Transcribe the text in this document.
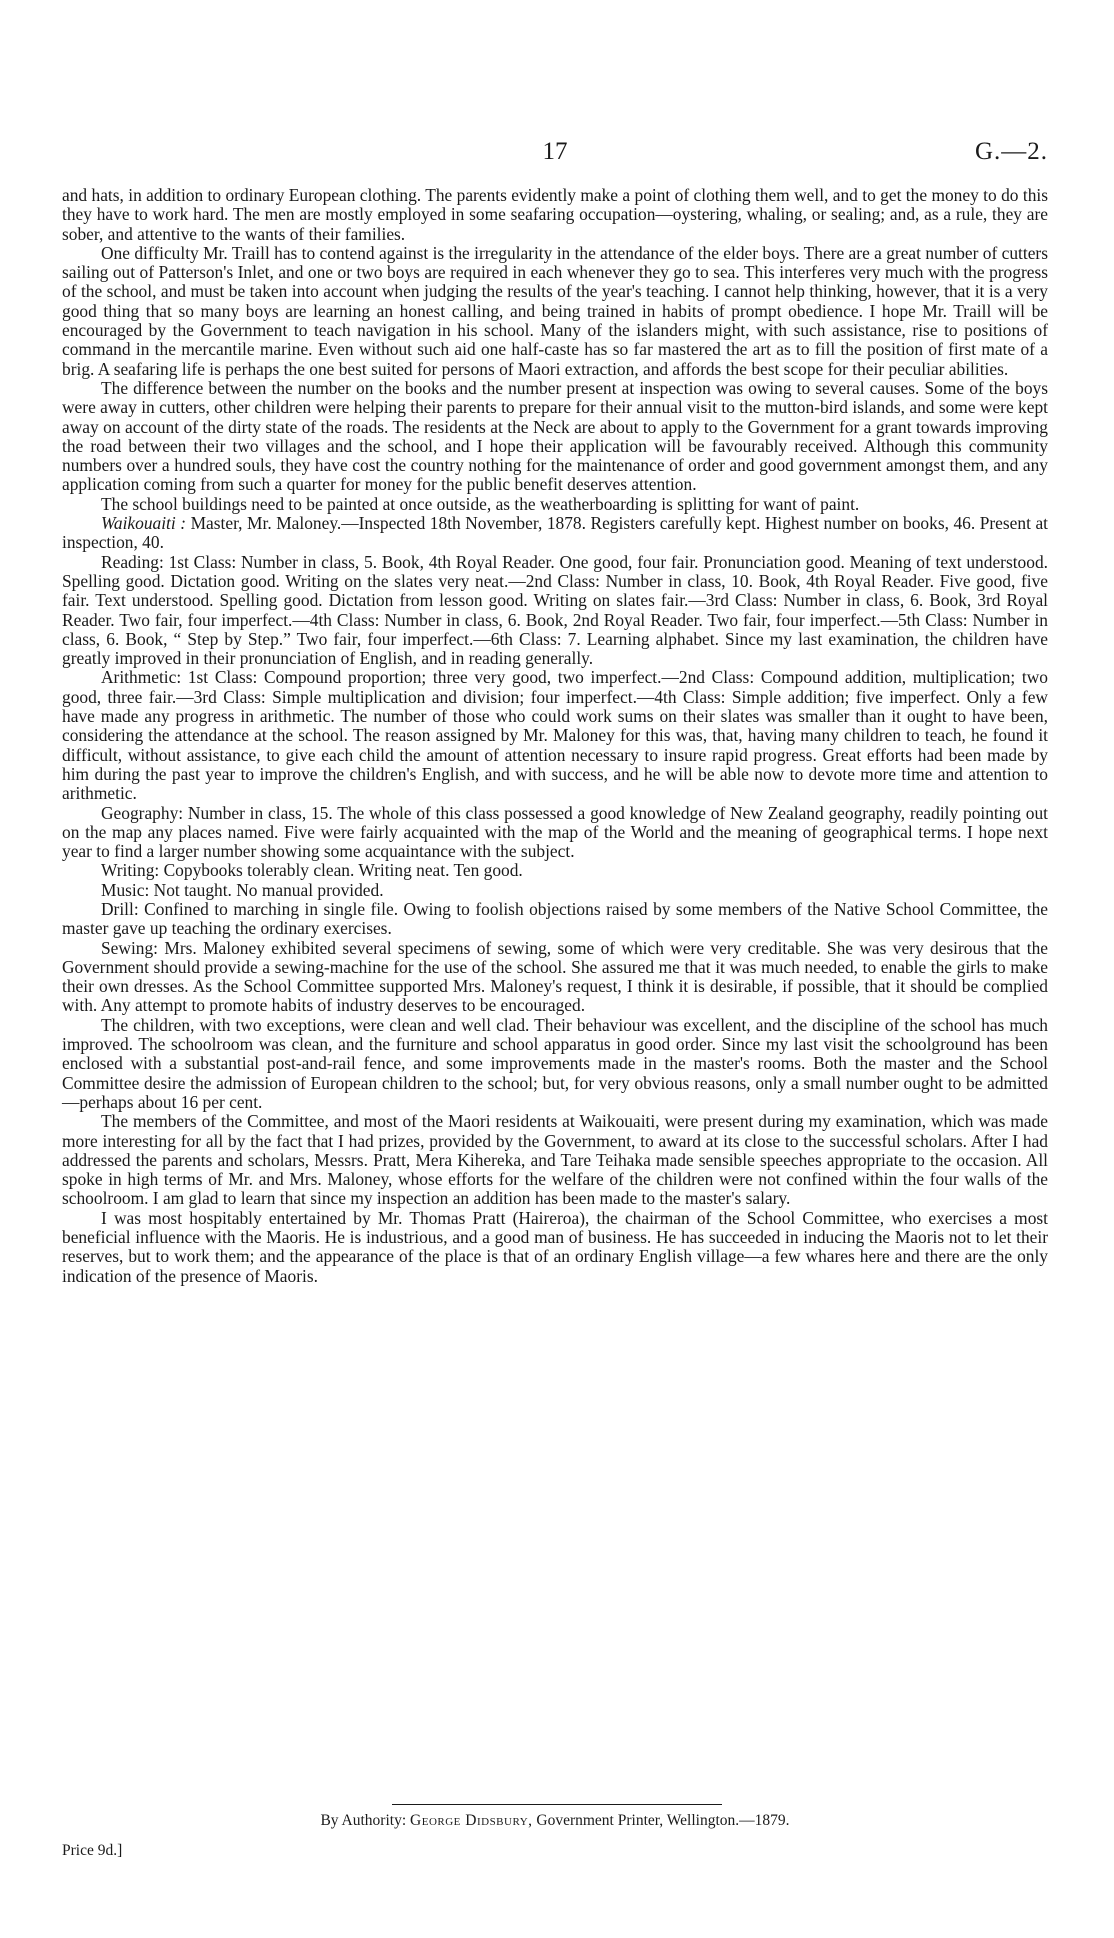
17	G.—2.

and hats, in addition to ordinary European clothing. The parents evidently make a point of clothing them well, and to get the money to do this they have to work hard. The men are mostly employed in some seafaring occupation—oystering, whaling, or sealing; and, as a rule, they are sober, and attentive to the wants of their families.

One difficulty Mr. Traill has to contend against is the irregularity in the attendance of the elder boys. There are a great number of cutters sailing out of Patterson's Inlet, and one or two boys are required in each whenever they go to sea. This interferes very much with the progress of the school, and must be taken into account when judging the results of the year's teaching. I cannot help thinking, however, that it is a very good thing that so many boys are learning an honest calling, and being trained in habits of prompt obedience. I hope Mr. Traill will be encouraged by the Government to teach navigation in his school. Many of the islanders might, with such assistance, rise to positions of command in the mercantile marine. Even without such aid one half-caste has so far mastered the art as to fill the position of first mate of a brig. A seafaring life is perhaps the one best suited for persons of Maori extraction, and affords the best scope for their peculiar abilities.

The difference between the number on the books and the number present at inspection was owing to several causes. Some of the boys were away in cutters, other children were helping their parents to prepare for their annual visit to the mutton-bird islands, and some were kept away on account of the dirty state of the roads. The residents at the Neck are about to apply to the Government for a grant towards improving the road between their two villages and the school, and I hope their application will be favourably received. Although this community numbers over a hundred souls, they have cost the country nothing for the maintenance of order and good government amongst them, and any application coming from such a quarter for money for the public benefit deserves attention.

The school buildings need to be painted at once outside, as the weatherboarding is splitting for want of paint.

Waikouaiti : Master, Mr. Maloney.—Inspected 18th November, 1878. Registers carefully kept. Highest number on books, 46. Present at inspection, 40.

Reading: 1st Class: Number in class, 5. Book, 4th Royal Reader. One good, four fair. Pronunciation good. Meaning of text understood. Spelling good. Dictation good. Writing on the slates very neat.—2nd Class: Number in class, 10. Book, 4th Royal Reader. Five good, five fair. Text understood. Spelling good. Dictation from lesson good. Writing on slates fair.—3rd Class: Number in class, 6. Book, 3rd Royal Reader. Two fair, four imperfect.—4th Class: Number in class, 6. Book, 2nd Royal Reader. Two fair, four imperfect.—5th Class: Number in class, 6. Book, “ Step by Step.” Two fair, four imperfect.—6th Class: 7. Learning alphabet. Since my last examination, the children have greatly improved in their pronunciation of English, and in reading generally.

Arithmetic: 1st Class: Compound proportion; three very good, two imperfect.—2nd Class: Compound addition, multiplication; two good, three fair.—3rd Class: Simple multiplication and division; four imperfect.—4th Class: Simple addition; five imperfect. Only a few have made any progress in arithmetic. The number of those who could work sums on their slates was smaller than it ought to have been, considering the attendance at the school. The reason assigned by Mr. Maloney for this was, that, having many children to teach, he found it difficult, without assistance, to give each child the amount of attention necessary to insure rapid progress. Great efforts had been made by him during the past year to improve the children's English, and with success, and he will be able now to devote more time and attention to arithmetic.

Geography: Number in class, 15. The whole of this class possessed a good knowledge of New Zealand geography, readily pointing out on the map any places named. Five were fairly acquainted with the map of the World and the meaning of geographical terms. I hope next year to find a larger number showing some acquaintance with the subject.

Writing: Copybooks tolerably clean. Writing neat. Ten good.

Music: Not taught. No manual provided.

Drill: Confined to marching in single file. Owing to foolish objections raised by some members of the Native School Committee, the master gave up teaching the ordinary exercises.

Sewing: Mrs. Maloney exhibited several specimens of sewing, some of which were very creditable. She was very desirous that the Government should provide a sewing-machine for the use of the school. She assured me that it was much needed, to enable the girls to make their own dresses. As the School Committee supported Mrs. Maloney's request, I think it is desirable, if possible, that it should be complied with. Any attempt to promote habits of industry deserves to be encouraged.

The children, with two exceptions, were clean and well clad. Their behaviour was excellent, and the discipline of the school has much improved. The schoolroom was clean, and the furniture and school apparatus in good order. Since my last visit the schoolground has been enclosed with a substantial post-and-rail fence, and some improvements made in the master's rooms. Both the master and the School Committee desire the admission of European children to the school; but, for very obvious reasons, only a small number ought to be admitted—perhaps about 16 per cent.

The members of the Committee, and most of the Maori residents at Waikouaiti, were present during my examination, which was made more interesting for all by the fact that I had prizes, provided by the Government, to award at its close to the successful scholars. After I had addressed the parents and scholars, Messrs. Pratt, Mera Kihereka, and Tare Teihaka made sensible speeches appropriate to the occasion. All spoke in high terms of Mr. and Mrs. Maloney, whose efforts for the welfare of the children were not confined within the four walls of the schoolroom. I am glad to learn that since my inspection an addition has been made to the master's salary.

I was most hospitably entertained by Mr. Thomas Pratt (Haireroa), the chairman of the School Committee, who exercises a most beneficial influence with the Maoris. He is industrious, and a good man of business. He has succeeded in inducing the Maoris not to let their reserves, but to work them; and the appearance of the place is that of an ordinary English village—a few whares here and there are the only indication of the presence of Maoris.

By Authority: George Didsbury, Government Printer, Wellington.—1879.
Price 9d.]
